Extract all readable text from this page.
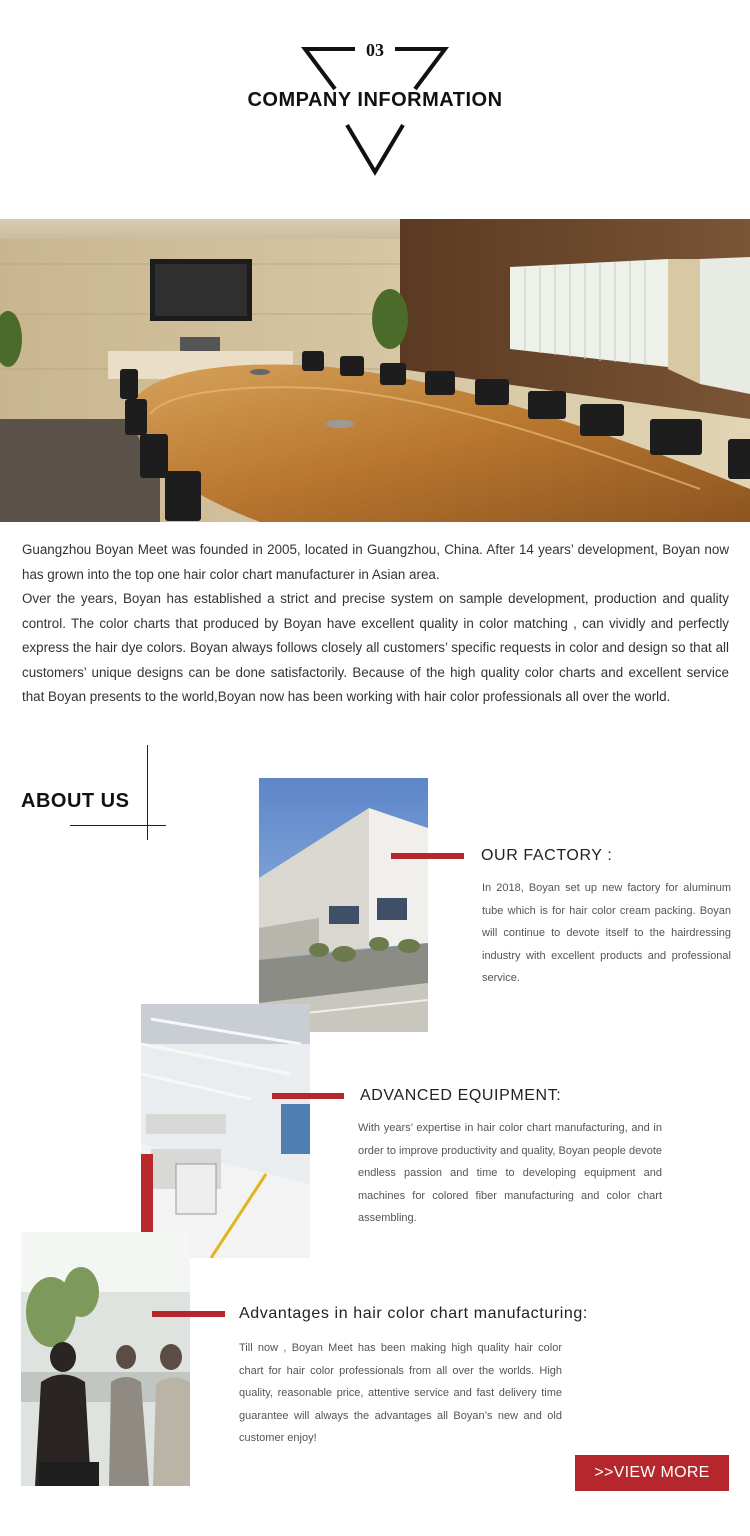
03
COMPANY INFORMATION

Guangzhou Boyan Meet was founded in 2005, located in Guangzhou, China. After 14 years’ development, Boyan now has grown into the top one hair color chart manufacturer in Asian area.

Over the years, Boyan has established a strict and precise system on sample development, production and quality control. The color charts that produced by Boyan have excellent quality in color matching , can vividly and perfectly express the hair dye colors. Boyan always follows closely all customers’ specific requests in color and design so that all customers’ unique designs can be done satisfactorily. Because of the high quality color charts and excellent service that Boyan presents to the world,Boyan now has been working with hair color professionals all over the world.

ABOUT US
OUR FACTORY :
In 2018, Boyan set up new factory for aluminum tube which is for hair color cream packing. Boyan will continue to devote itself to the hairdressing industry with excellent products and professional service.
ADVANCED EQUIPMENT:
With years’ expertise in hair color chart manufacturing, and in order to improve productivity and quality, Boyan people devote endless passion and time to developing equipment and machines for colored fiber manufacturing and color chart assembling.
Advantages in hair color chart manufacturing:
Till now , Boyan Meet has been making high quality hair color chart for hair color professionals from all over the worlds. High quality, reasonable price, attentive service and fast delivery time guarantee will always the advantages all Boyan’s new and old customer enjoy!
>>VIEW MORE
